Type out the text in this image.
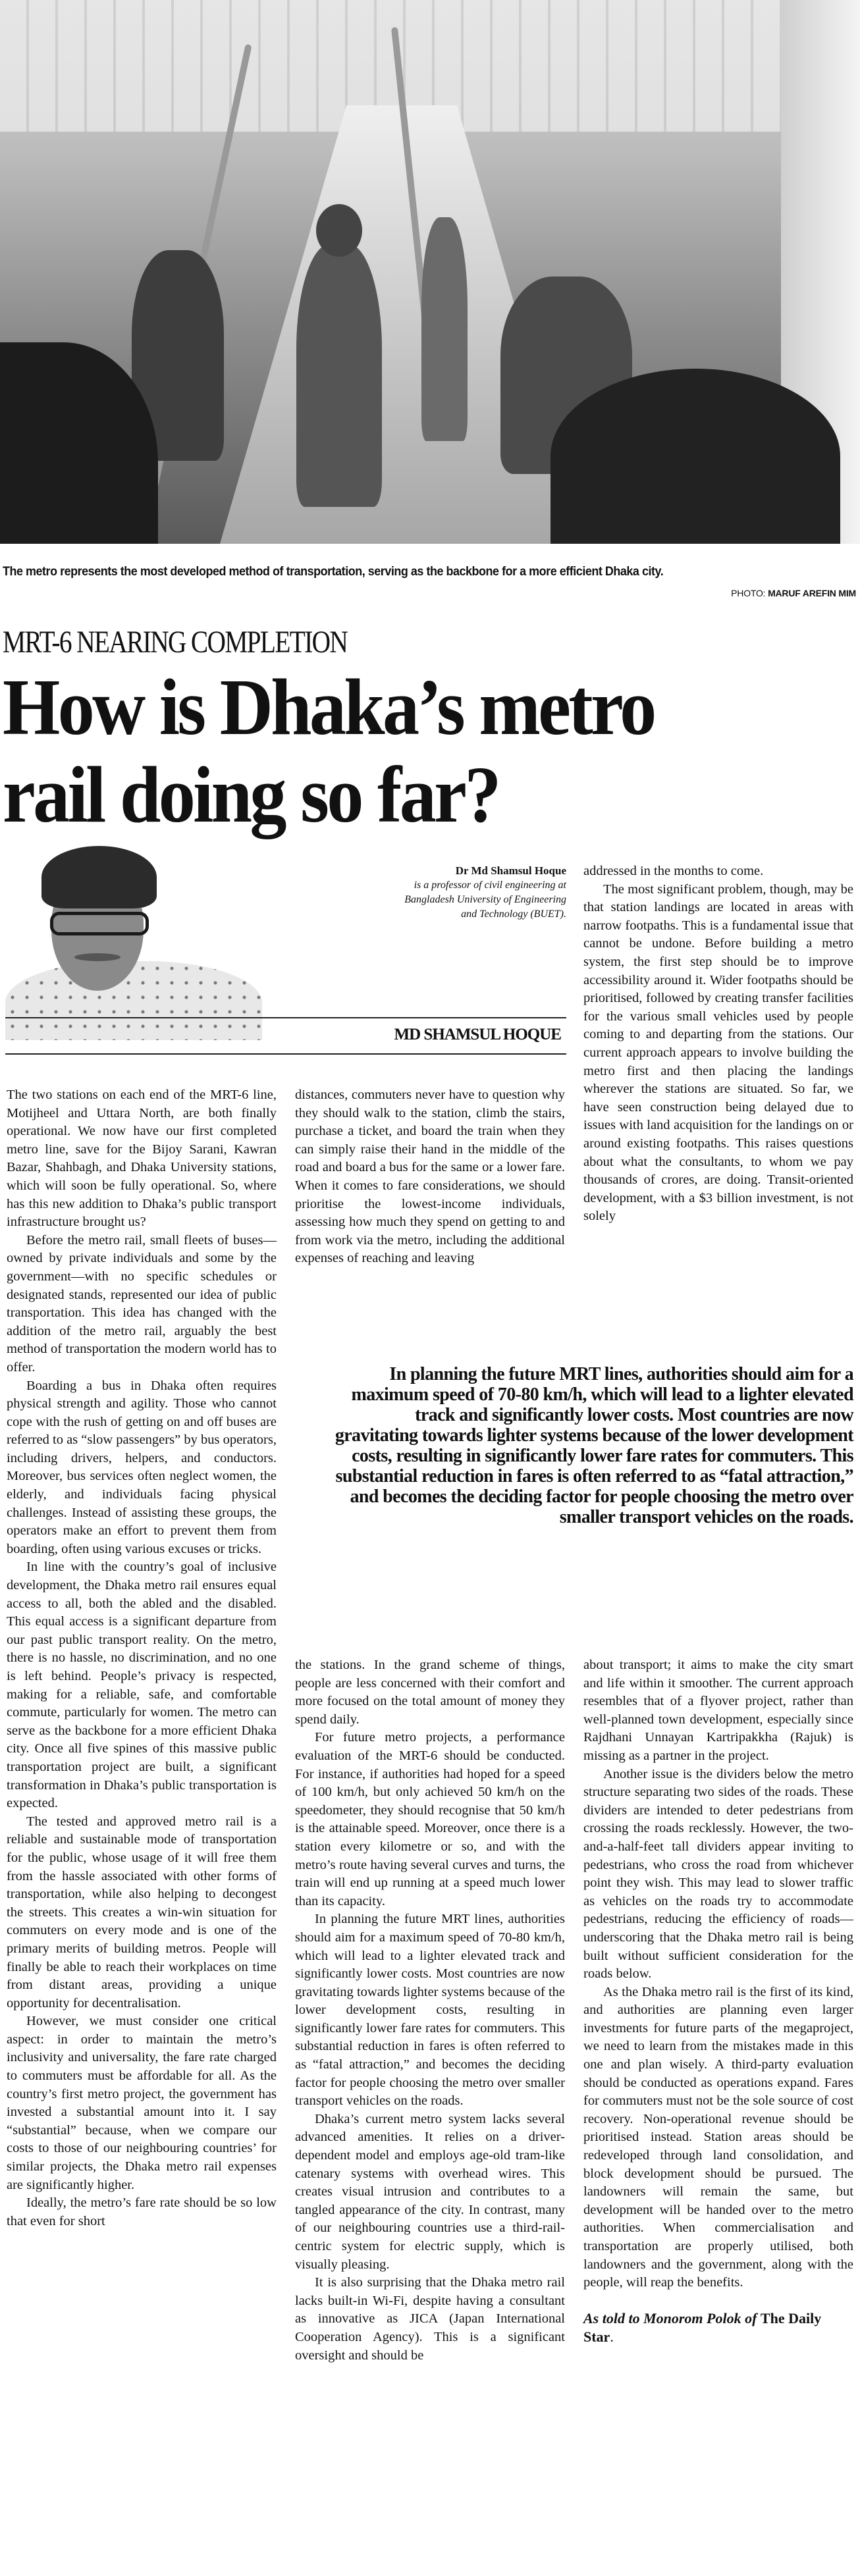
The metro represents the most developed method of transportation, serving as the backbone for a more efficient Dhaka city.
PHOTO: MARUF AREFIN MIM
MRT-6 NEARING COMPLETION
How is Dhaka’s metro
rail doing so far?
Dr Md Shamsul Hoque
is a professor of civil engineering at
Bangladesh University of Engineering
and Technology (BUET).
MD SHAMSUL HOQUE

The two stations on each end of the MRT-6 line, Motijheel and Uttara North, are both finally operational. We now have our first completed metro line, save for the Bijoy Sarani, Kawran Bazar, Shahbagh, and Dhaka University stations, which will soon be fully operational. So, where has this new addition to Dhaka’s public transport infrastructure brought us?

Before the metro rail, small fleets of buses—owned by private individuals and some by the government—with no specific schedules or designated stands, represented our idea of public transportation. This idea has changed with the addition of the metro rail, arguably the best method of transportation the modern world has to offer.

Boarding a bus in Dhaka often requires physical strength and agility. Those who cannot cope with the rush of getting on and off buses are referred to as “slow passengers” by bus operators, including drivers, helpers, and conductors. Moreover, bus services often neglect women, the elderly, and individuals facing physical challenges. Instead of assisting these groups, the operators make an effort to prevent them from boarding, often using various excuses or tricks.

In line with the country’s goal of inclusive development, the Dhaka metro rail ensures equal access to all, both the abled and the disabled. This equal access is a significant departure from our past public transport reality. On the metro, there is no hassle, no discrimination, and no one is left behind. People’s privacy is respected, making for a reliable, safe, and comfortable commute, particularly for women. The metro can serve as the backbone for a more efficient Dhaka city. Once all five spines of this massive public transportation project are built, a significant transformation in Dhaka’s public transportation is expected.

The tested and approved metro rail is a reliable and sustainable mode of transportation for the public, whose usage of it will free them from the hassle associated with other forms of transportation, while also helping to decongest the streets. This creates a win-win situation for commuters on every mode and is one of the primary merits of building metros. People will finally be able to reach their workplaces on time from distant areas, providing a unique opportunity for decentralisation.

However, we must consider one critical aspect: in order to maintain the metro’s inclusivity and universality, the fare rate charged to commuters must be affordable for all. As the country’s first metro project, the government has invested a substantial amount into it. I say “substantial” because, when we compare our costs to those of our neighbouring countries’ for similar projects, the Dhaka metro rail expenses are significantly higher.

Ideally, the metro’s fare rate should be so low that even for short

distances, commuters never have to question why they should walk to the station, climb the stairs, purchase a ticket, and board the train when they can simply raise their hand in the middle of the road and board a bus for the same or a lower fare. When it comes to fare considerations, we should prioritise the lowest-income individuals, assessing how much they spend on getting to and from work via the metro, including the additional expenses of reaching and leaving

addressed in the months to come.

The most significant problem, though, may be that station landings are located in areas with narrow footpaths. This is a fundamental issue that cannot be undone. Before building a metro system, the first step should be to improve accessibility around it. Wider footpaths should be prioritised, followed by creating transfer facilities for the various small vehicles used by people coming to and departing from the stations. Our current approach appears to involve building the metro first and then placing the landings wherever the stations are situated. So far, we have seen construction being delayed due to issues with land acquisition for the landings on or around existing footpaths. This raises questions about what the consultants, to whom we pay thousands of crores, are doing. Transit-oriented development, with a $3 billion investment, is not solely

In planning the future MRT lines, authorities should aim for a maximum speed of 70-80 km/h, which will lead to a lighter elevated track and significantly lower costs. Most countries are now gravitating towards lighter systems because of the lower development costs, resulting in significantly lower fare rates for commuters. This substantial reduction in fares is often referred to as “fatal attraction,” and becomes the deciding factor for people choosing the metro over smaller transport vehicles on the roads.

the stations. In the grand scheme of things, people are less concerned with their comfort and more focused on the total amount of money they spend daily.

For future metro projects, a performance evaluation of the MRT-6 should be conducted. For instance, if authorities had hoped for a speed of 100 km/h, but only achieved 50 km/h on the speedometer, they should recognise that 50 km/h is the attainable speed. Moreover, once there is a station every kilometre or so, and with the metro’s route having several curves and turns, the train will end up running at a speed much lower than its capacity.

In planning the future MRT lines, authorities should aim for a maximum speed of 70-80 km/h, which will lead to a lighter elevated track and significantly lower costs. Most countries are now gravitating towards lighter systems because of the lower development costs, resulting in significantly lower fare rates for commuters. This substantial reduction in fares is often referred to as “fatal attraction,” and becomes the deciding factor for people choosing the metro over smaller transport vehicles on the roads.

Dhaka’s current metro system lacks several advanced amenities. It relies on a driver-dependent model and employs age-old tram-like catenary systems with overhead wires. This creates visual intrusion and contributes to a tangled appearance of the city. In contrast, many of our neighbouring countries use a third-rail-centric system for electric supply, which is visually pleasing.

It is also surprising that the Dhaka metro rail lacks built-in Wi-Fi, despite having a consultant as innovative as JICA (Japan International Cooperation Agency). This is a significant oversight and should be

about transport; it aims to make the city smart and life within it smoother. The current approach resembles that of a flyover project, rather than well-planned town development, especially since Rajdhani Unnayan Kartripakkha (Rajuk) is missing as a partner in the project.

Another issue is the dividers below the metro structure separating two sides of the roads. These dividers are intended to deter pedestrians from crossing the roads recklessly. However, the two-and-a-half-feet tall dividers appear inviting to pedestrians, who cross the road from whichever point they wish. This may lead to slower traffic as vehicles on the roads try to accommodate pedestrians, reducing the efficiency of roads—underscoring that the Dhaka metro rail is being built without sufficient consideration for the roads below.

As the Dhaka metro rail is the first of its kind, and authorities are planning even larger investments for future parts of the megaproject, we need to learn from the mistakes made in this one and plan wisely. A third-party evaluation should be conducted as operations expand. Fares for commuters must not be the sole source of cost recovery. Non-operational revenue should be prioritised instead. Station areas should be redeveloped through land consolidation, and block development should be pursued. The landowners will remain the same, but development will be handed over to the metro authorities. When commercialisation and transportation are properly utilised, both landowners and the government, along with the people, will reap the benefits.

As told to Monorom Polok of The Daily Star.
